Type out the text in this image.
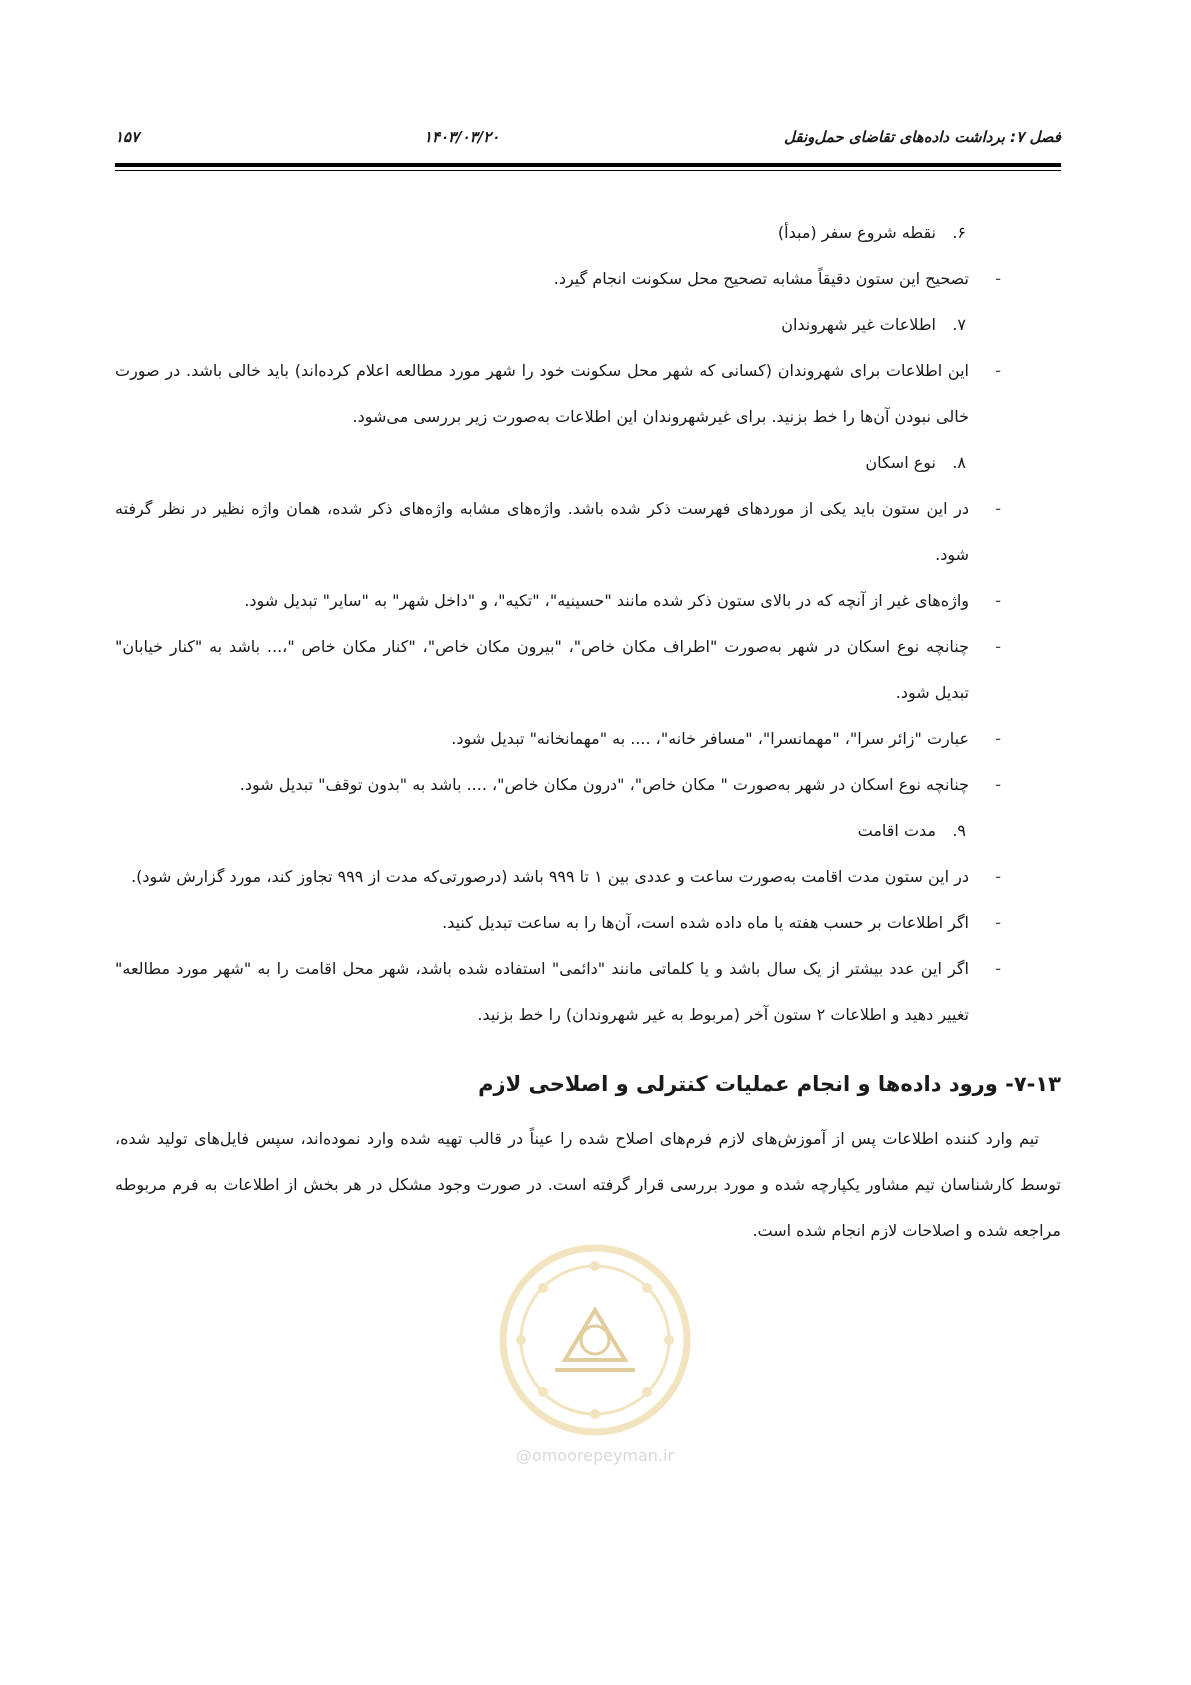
۱۵۷	۱۴۰۳/۰۳/۲۰	فصل ۷: برداشت داده‌های تقاضای حمل‌ونقل
۶.
نقطه شروع سفر (مبدأ)
-
تصحیح این ستون دقیقاً مشابه تصحیح محل سکونت انجام گیرد.
۷.
اطلاعات غیر شهروندان
-
این اطلاعات برای شهروندان (کسانی که شهر محل سکونت خود را شهر مورد مطالعه اعلام کرده‌اند) باید خالی باشد. در صورت خالی نبودن آن‌ها را خط بزنید. برای غیرشهروندان این اطلاعات به‌صورت زیر بررسی می‌شود.
۸.
نوع اسکان
-
در این ستون باید یکی از موردهای فهرست ذکر شده باشد. واژه‌های مشابه واژه‌های ذکر شده، همان واژه نظیر در نظر گرفته شود.
-
واژه‌های غیر از آنچه که در بالای ستون ذکر شده مانند "حسینیه"، "تکیه"، و "داخل شهر" به "سایر" تبدیل شود.
-
چنانچه نوع اسکان در شهر به‌صورت "اطراف مکان خاص"، "بیرون مکان خاص"، "کنار مکان خاص "،... باشد به "کنار خیابان" تبدیل شود.
-
عبارت "زائر سرا"، "مهمانسرا"، "مسافر خانه"، .... به "مهمانخانه" تبدیل شود.
-
چنانچه نوع اسکان در شهر به‌صورت " مکان خاص"، "درون مکان خاص"، .... باشد به "بدون توقف" تبدیل شود.
۹.
مدت اقامت
-
در این ستون مدت اقامت به‌صورت ساعت و عددی بین ۱ تا ۹۹۹ باشد (درصورتی‌که مدت از ۹۹۹ تجاوز کند، مورد گزارش شود).
-
اگر اطلاعات بر حسب هفته یا ماه داده شده است، آن‌ها را به ساعت تبدیل کنید.
-
اگر این عدد بیشتر از یک سال باشد و یا کلماتی مانند "دائمی" استفاده شده باشد، شهر محل اقامت را به "شهر مورد مطالعه" تغییر دهید و اطلاعات ۲ ستون آخر (مربوط به غیر شهروندان) را خط بزنید.
۷-۱۳- ورود داده‌ها و انجام عملیات کنترلی و اصلاحی لازم
تیم وارد کننده اطلاعات پس از آموزش‌های لازم فرم‌های اصلاح شده را عیناً در قالب تهیه شده وارد نموده‌اند، سپس فایل‌های تولید شده، توسط کارشناسان تیم مشاور یکپارچه شده و مورد بررسی قرار گرفته است. در صورت وجود مشکل در هر بخش از اطلاعات به فرم مربوطه مراجعه شده و اصلاحات لازم انجام شده است.
@omoorepeyman.ir
